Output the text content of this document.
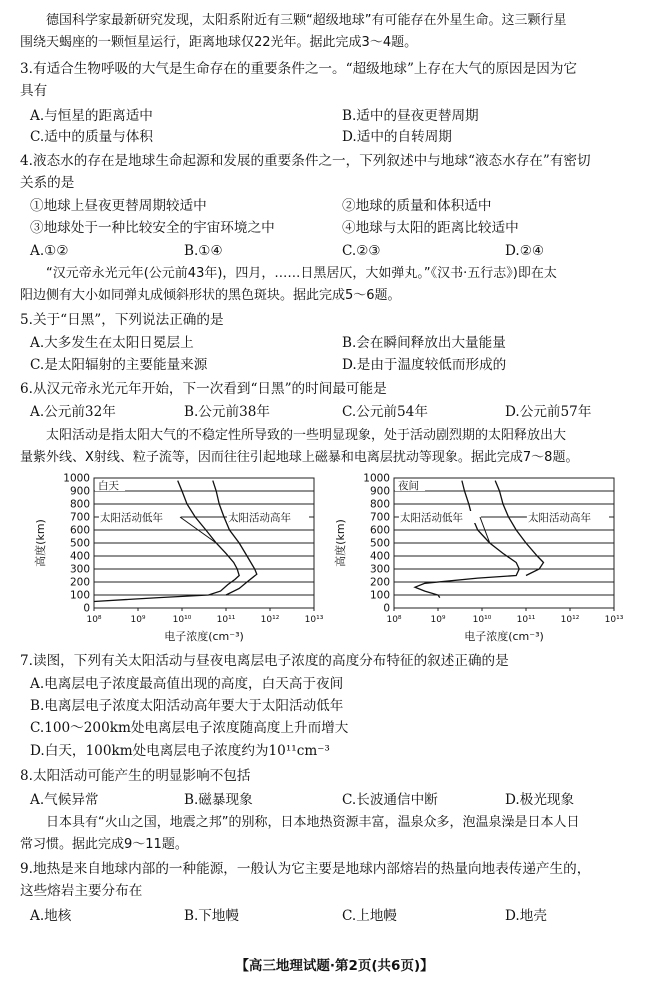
德国科学家最新研究发现，太阳系附近有三颗“超级地球”有可能存在外星生命。这三颗行星
围绕天蝎座的一颗恒星运行，距离地球仅22光年。据此完成3～4题。
3.有适合生物呼吸的大气是生命存在的重要条件之一。“超级地球”上存在大气的原因是因为它
具有
A.与恒星的距离适中	B.适中的昼夜更替周期
C.适中的质量与体积	D.适中的自转周期
4.液态水的存在是地球生命起源和发展的重要条件之一，下列叙述中与地球“液态水存在”有密切
关系的是
①地球上昼夜更替周期较适中	②地球的质量和体积适中
③地球处于一种比较安全的宇宙环境之中	④地球与太阳的距离比较适中
A.①②	B.①④	C.②③	D.②④
“汉元帝永光元年(公元前43年)，四月，……日黑居仄，大如弹丸。”《汉书·五行志》)即在太
阳边侧有大小如同弹丸成倾斜形状的黑色斑块。据此完成5～6题。
5.关于“日黑”，下列说法正确的是
A.大多发生在太阳日冕层上	B.会在瞬间释放出大量能量
C.是太阳辐射的主要能量来源	D.是由于温度较低而形成的
6.从汉元帝永光元年开始，下一次看到“日黑”的时间最可能是
A.公元前32年	B.公元前38年	C.公元前54年	D.公元前57年
太阳活动是指太阳大气的不稳定性所导致的一些明显现象，处于活动剧烈期的太阳释放出大
量紫外线、X射线、粒子流等，因而往往引起地球上磁暴和电离层扰动等现象。据此完成7～8题。
0
100
200
300
400
500
600
700
800
900
1000
10⁸	10⁹	10¹⁰	10¹¹	10¹²	10¹³
电子浓度(cm⁻³)
高度(km)
白天
太阳活动低年	太阳活动高年
0
100
200
300
400
500
600
700
800
900
1000
10⁸	10⁹	10¹⁰	10¹¹	10¹²	10¹³
电子浓度(cm⁻³)
高度(km)
夜间
太阳活动低年	太阳活动高年
7.读图，下列有关太阳活动与昼夜电离层电子浓度的高度分布特征的叙述正确的是
A.电离层电子浓度最高值出现的高度，白天高于夜间
B.电离层电子浓度太阳活动高年要大于太阳活动低年
C.100～200km处电离层电子浓度随高度上升而增大
D.白天，100km处电离层电子浓度约为10¹¹cm⁻³
8.太阳活动可能产生的明显影响不包括
A.气候异常	B.磁暴现象	C.长波通信中断	D.极光现象
日本具有“火山之国，地震之邦”的别称，日本地热资源丰富，温泉众多，泡温泉澡是日本人日
常习惯。据此完成9～11题。
9.地热是来自地球内部的一种能源，一般认为它主要是地球内部熔岩的热量向地表传递产生的，
这些熔岩主要分布在
A.地核	B.下地幔	C.上地幔	D.地壳
【高三地理试题·第2页(共6页)】
